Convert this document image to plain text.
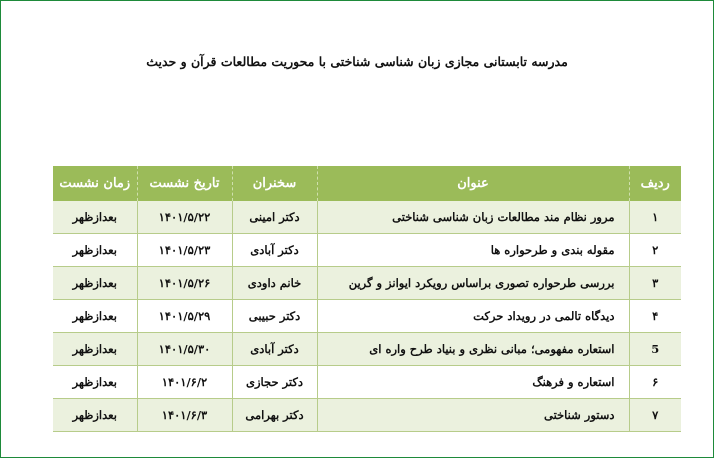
مدرسه تابستانی مجازی زبان شناسی شناختی با محوریت مطالعات قرآن و حدیث
ردیف	عنوان	سخنران	تاریخ نشست	زمان نشست
۱	مرور نظام مند مطالعات زبان شناسی شناختی	دکتر امینی	۱۴۰۱/۵/۲۲	بعدازظهر
۲	مقوله بندی و طرحواره ها	دکتر آبادی	۱۴۰۱/۵/۲۳	بعدازظهر
۳	بررسی طرحواره تصوری براساس رویکرد ایوانز و گرین	خانم داودی	۱۴۰۱/۵/۲۶	بعدازظهر
۴	دیدگاه تالمی در رویداد حرکت	دکتر حبیبی	۱۴۰۱/۵/۲۹	بعدازظهر
5	استعاره مفهومی؛ مبانی نظری و بنیاد طرح واره ای	دکتر آبادی	۱۴۰۱/۵/۳۰	بعدازظهر
۶	استعاره و فرهنگ	دکتر حجازی	۱۴۰۱/۶/۲	بعدازظهر
۷	دستور شناختی	دکتر بهرامی	۱۴۰۱/۶/۳	بعدازظهر
